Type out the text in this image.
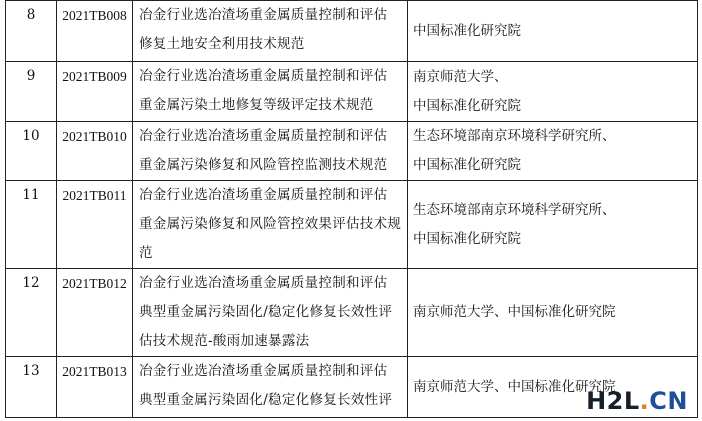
8	2021TB008	冶金行业选冶渣场重金属质量控制和评估
修复土地安全利用技术规范	中国标准化研究院

9	2021TB009	冶金行业选冶渣场重金属质量控制和评估
重金属污染土地修复等级评定技术规范	南京师范大学、
中国标准化研究院

10	2021TB010	冶金行业选冶渣场重金属质量控制和评估
重金属污染修复和风险管控监测技术规范	生态环境部南京环境科学研究所、
中国标准化研究院

11	2021TB011	冶金行业选冶渣场重金属质量控制和评估
重金属污染修复和风险管控效果评估技术规
范	生态环境部南京环境科学研究所、
中国标准化研究院

12	2021TB012	冶金行业选冶渣场重金属质量控制和评估
典型重金属污染固化/稳定化修复长效性评
估技术规范-酸雨加速暴露法	南京师范大学、中国标准化研究院

13	2021TB013	冶金行业选冶渣场重金属质量控制和评估
典型重金属污染固化/稳定化修复长效性评	南京师范大学、中国标准化研究院
H2L.CN
